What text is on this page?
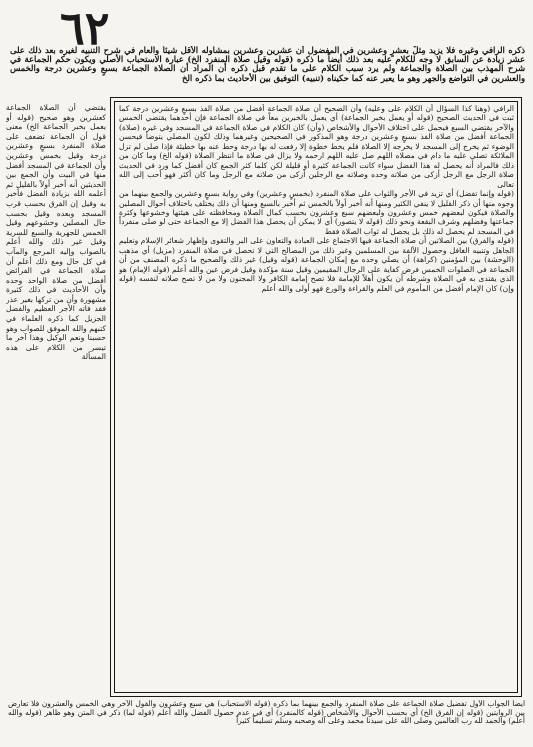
٦٢
ذكره الرافي وغيره فلا يزيد مِثلٌ بعشرٍ وعشرين في المفضول أن عشرين وعشرين بمشاوله الأقل شيئاً والعام في شرح التنبيه لغيره بعد ذلك على عشر زيادة عن السابق لا وجه للكلام عليه بعد ذلك أيضاً ما ذكره (قوله وقيل صلاة المنفرد الخ) عبارة الاستحباب الأصلي ويكون حكم الجماعة في شرح المهذب بين الصلاة والجماعة ولم يرد سبب الكلام على ما تقدم قبل ذكره أن المراد أن الصلاة الجماعة بسبعٍ وعشرين درجة والخمس والعشرين في التواضع والجهر وهو ما يعبر عنه كما حكيناه (تنبيه) التوفيق بين الأحاديث بما ذكره الخ

الرافي (وهنا كذا السؤال أن الكلام على وعليه) وأن الصحيح أن صلاة الجماعة أفضل من صلاة الفذ بسبعٍ وعشرين درجة كما ثبت في الحديث الصحيح (قوله أو يعمل بخبر الجماعة) أي يعمل بالخبرين معاً في صلاة الجماعة فإن أحدهما يقتضي الخمس والآخر يقتضي السبع فيحمل على اختلاف الأحوال والأشخاص (وأن) كان الكلام في صلاة الجماعة في المسجد وفي غيره (صلاة) الجماعة أفضل من صلاة الفذ بسبعٍ وعشرين درجة وهو المذكور في الصحيحين وغيرهما وذلك لكون المصلي يتوضأ فيحسن الوضوء ثم يخرج إلى المسجد لا يخرجه إلا الصلاة فلم يخط خطوة إلا رفعت له بها درجة وحط عنه بها خطيئة فإذا صلى لم تزل الملائكة تصلي عليه ما دام في مصلاه اللهم صل عليه اللهم ارحمه ولا يزال في صلاة ما انتظر الصلاة (قوله الخ) وما كان من ذلك فالمراد أنه يحصل له هذا الفضل سواء كانت الجماعة كثيرة أو قليلة لكن كلما كثر الجمع كان أفضل كما ورد في الحديث صلاة الرجل مع الرجل أزكى من صلاته وحده وصلاته مع الرجلين أزكى من صلاته مع الرجل وما كان أكثر فهو أحب إلى الله تعالى

(قوله وإنما تفضل) أي تزيد في الأجر والثواب على صلاة المنفرد (بخمسٍ وعشرين) وفي رواية بسبعٍ وعشرين والجمع بينهما من وجوه منها أن ذكر القليل لا ينفي الكثير ومنها أنه أخبر أولاً بالخمس ثم أخبر بالسبع ومنها أن ذلك يختلف باختلاف أحوال المصلين والصلاة فيكون لبعضهم خمس وعشرون ولبعضهم سبع وعشرون بحسب كمال الصلاة ومحافظته على هيئتها وخشوعها وكثرة جماعتها وفضلهم وشرف البقعة ونحو ذلك (قوله لا يتصور) أي لا يمكن أن يحصل هذا الفضل إلا مع الجماعة حتى لو صلى منفرداً في المسجد لم يحصل له ذلك بل يحصل له ثواب الصلاة فقط

(قوله والفرق) بين الصلاتين أن صلاة الجماعة فيها الاجتماع على العبادة والتعاون على البر والتقوى وإظهار شعائر الإسلام وتعليم الجاهل وتنبيه الغافل وحصول الألفة بين المسلمين وغير ذلك من المصالح التي لا تحصل في صلاة المنفرد (مزيل) أي مذهب (الوحشة) بين المؤمنين (كراهة) أن يصلي وحده مع إمكان الجماعة (قوله وقيل) غير ذلك والصحيح ما ذكره المصنف من أن الجماعة في الصلوات الخمس فرض كفاية على الرجال المقيمين وقيل سنة مؤكدة وقيل فرض عين والله أعلم (قوله الإمام) هو الذي يقتدى به في الصلاة وشرطه أن يكون أهلاً للإمامة فلا تصح إمامة الكافر ولا المجنون ولا من لا تصح صلاته لنفسه (قوله وإن) كان الإمام أفضل من المأموم في العلم والقراءة والورع فهو أولى والله أعلم

يقتضي أن الصلاة الجماعة كعشرين وهو صحيح (قوله أو يعمل بخبر الجماعة الخ) معنى قول أن الجماعة تضعف على صلاة المنفرد بسبعٍ وعشرين درجة وقيل بخمس وعشرين وأن الجماعة في المسجد أفضل منها في البيت وأن الجمع بين الحديثين أنه أخبر أولاً بالقليل ثم أعلمه الله بزيادة الفضل فأخبر به وقيل إن الفرق بحسب قرب المسجد وبعده وقيل بحسب حال المصلين وخشوعهم وقيل الخمس للجهرية والسبع للسرية وقيل غير ذلك والله أعلم بالصواب وإليه المرجع والمآب في كل حال ومع ذلك أعلم أن صلاة الجماعة في الفرائض أفضل من صلاة الواحد وحده وأن الأحاديث في ذلك كثيرة مشهورة وأن من تركها بغير عذر فقد فاته الأجر العظيم والفضل الجزيل كما ذكره العلماء في كتبهم والله الموفق للصواب وهو حسبنا ونعم الوكيل وهذا آخر ما تيسر من الكلام على هذه المسألة
أيضاً الجواب الأول تفضيل صلاة الجماعة على صلاة المنفرد والجمع بينهما بما ذكره (قوله الاستحباب) هي سبع وعشرون والقول الآخر وهي الخمس والعشرون فلا تعارض بين الروايتين (قوله إن الفرق الخ) أي بحسب الأحوال والأشخاص (قوله كالمنفرد) أي في عدم حصول الفضل والله أعلم (قوله لما) ذكر في المتن وهو ظاهر (قوله والله أعلم) والحمد لله رب العالمين وصلى الله على سيدنا محمد وعلى آله وصحبه وسلم تسليماً كثيراً
